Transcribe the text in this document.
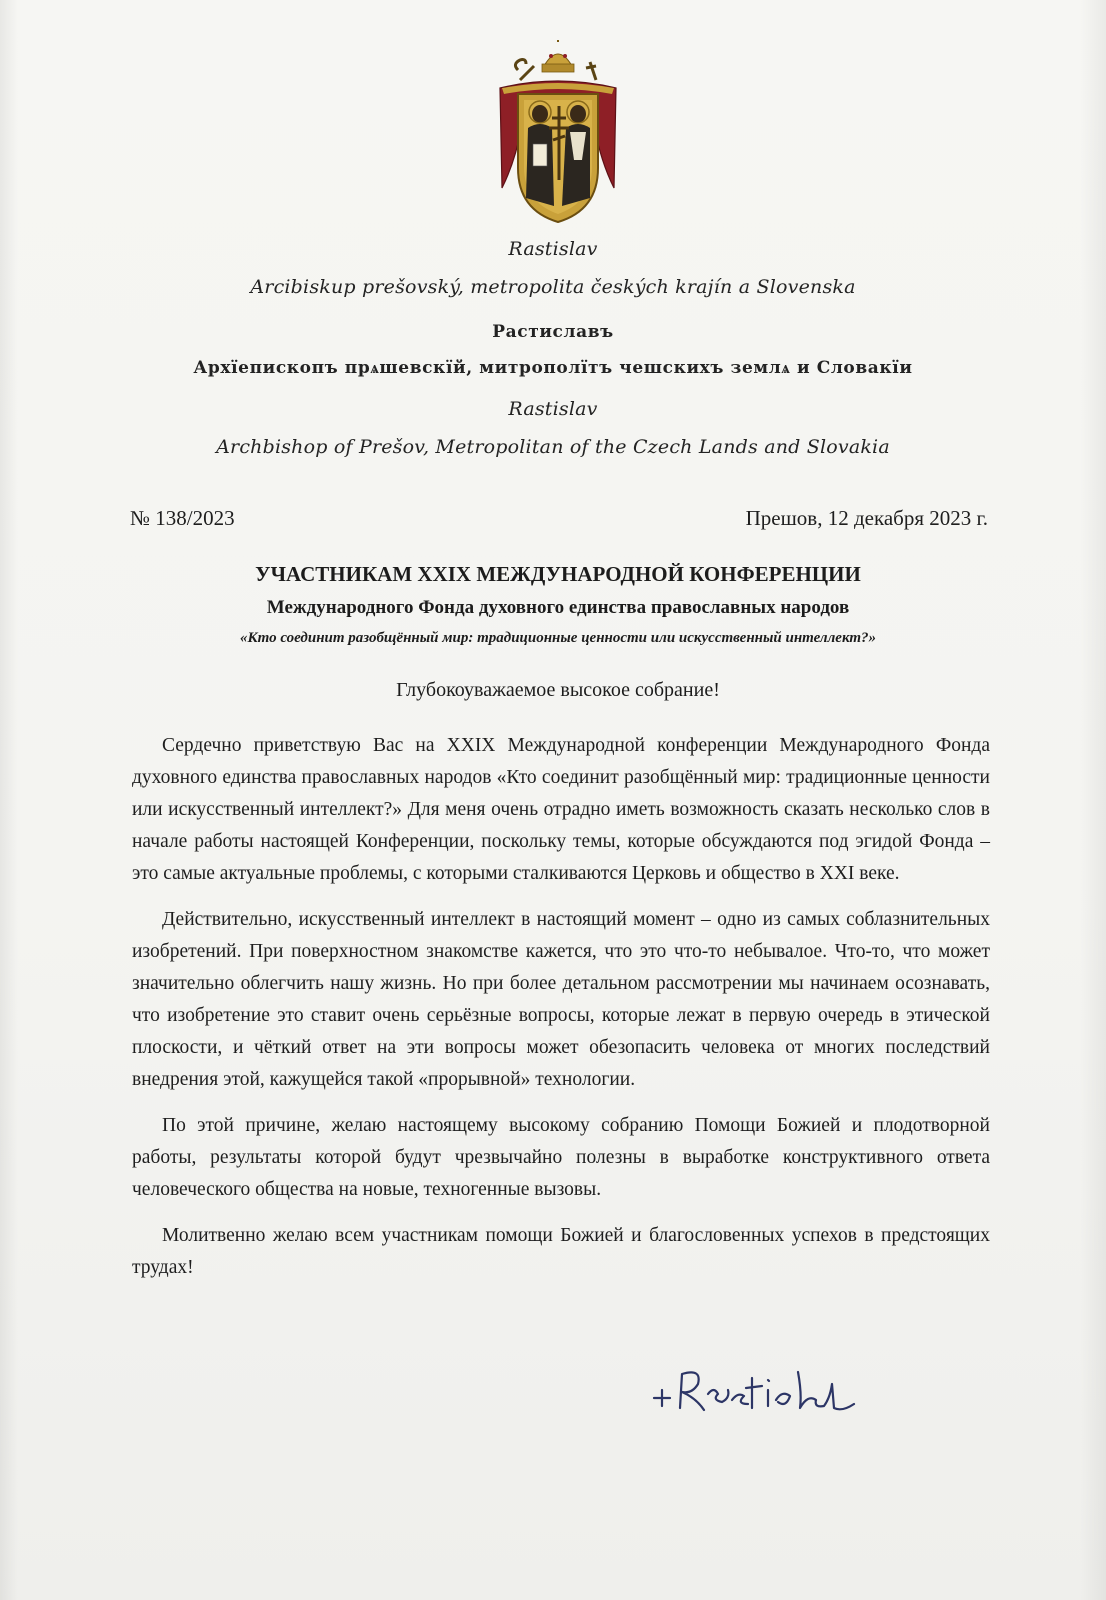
Rastislav
Arcibiskup prešovský, metropolita českých krajín a Slovenska
Растиславъ
Архїепископъ прѧшевскїй, митрополїтъ чешскихъ землѧ и Словакїи
Rastislav
Archbishop of Prešov, Metropolitan of the Czech Lands and Slovakia
№ 138/2023	Прешов, 12 декабря 2023 г.
УЧАСТНИКАМ XXIX МЕЖДУНАРОДНОЙ КОНФЕРЕНЦИИ
Международного Фонда духовного единства православных народов
«Кто соединит разобщённый мир: традиционные ценности или искусственный интеллект?»
Глубокоуважаемое высокое собрание!

Сердечно приветствую Вас на XXIX Международной конференции Международного Фонда духовного единства православных народов «Кто соединит разобщённый мир: традиционные ценности или искусственный интеллект?» Для меня очень отрадно иметь возможность сказать несколько слов в начале работы настоящей Конференции, поскольку темы, которые обсуждаются под эгидой Фонда – это самые актуальные проблемы, с которыми сталкиваются Церковь и общество в XXI веке.

Действительно, искусственный интеллект в настоящий момент – одно из самых соблазнительных изобретений. При поверхностном знакомстве кажется, что это что-то небывалое. Что-то, что может значительно облегчить нашу жизнь. Но при более детальном рассмотрении мы начинаем осознавать, что изобретение это ставит очень серьёзные вопросы, которые лежат в первую очередь в этической плоскости, и чёткий ответ на эти вопросы может обезопасить человека от многих последствий внедрения этой, кажущейся такой «прорывной» технологии.

По этой причине, желаю настоящему высокому собранию Помощи Божией и плодотворной работы, результаты которой будут чрезвычайно полезны в выработке конструктивного ответа человеческого общества на новые, техногенные вызовы.

Молитвенно желаю всем участникам помощи Божией и благословенных успехов в предстоящих трудах!
